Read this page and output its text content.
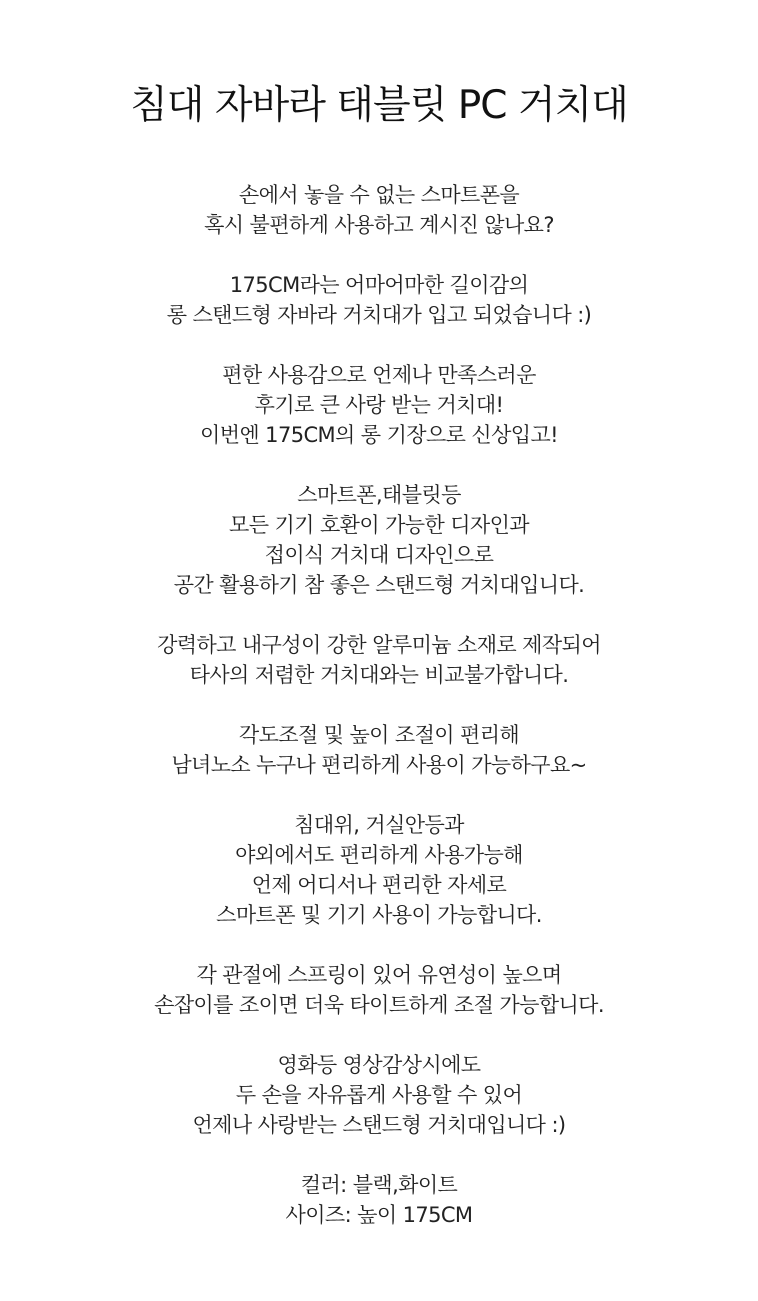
침대 자바라 태블릿 PC 거치대
손에서 놓을 수 없는 스마트폰을
혹시 불편하게 사용하고 계시진 않나요?
175CM라는 어마어마한 길이감의
롱 스탠드형 자바라 거치대가 입고 되었습니다 :)
편한 사용감으로 언제나 만족스러운
후기로 큰 사랑 받는 거치대!
이번엔 175CM의 롱 기장으로 신상입고!
스마트폰,태블릿등
모든 기기 호환이 가능한 디자인과
접이식 거치대 디자인으로
공간 활용하기 참 좋은 스탠드형 거치대입니다.
강력하고 내구성이 강한 알루미늄 소재로 제작되어
타사의 저렴한 거치대와는 비교불가합니다.
각도조절 및 높이 조절이 편리해
남녀노소 누구나 편리하게 사용이 가능하구요~
침대위, 거실안등과
야외에서도 편리하게 사용가능해
언제 어디서나 편리한 자세로
스마트폰 및 기기 사용이 가능합니다.
각 관절에 스프링이 있어 유연성이 높으며
손잡이를 조이면 더욱 타이트하게 조절 가능합니다.
영화등 영상감상시에도
두 손을 자유롭게 사용할 수 있어
언제나 사랑받는 스탠드형 거치대입니다 :)
컬러: 블랙,화이트
사이즈: 높이 175CM
